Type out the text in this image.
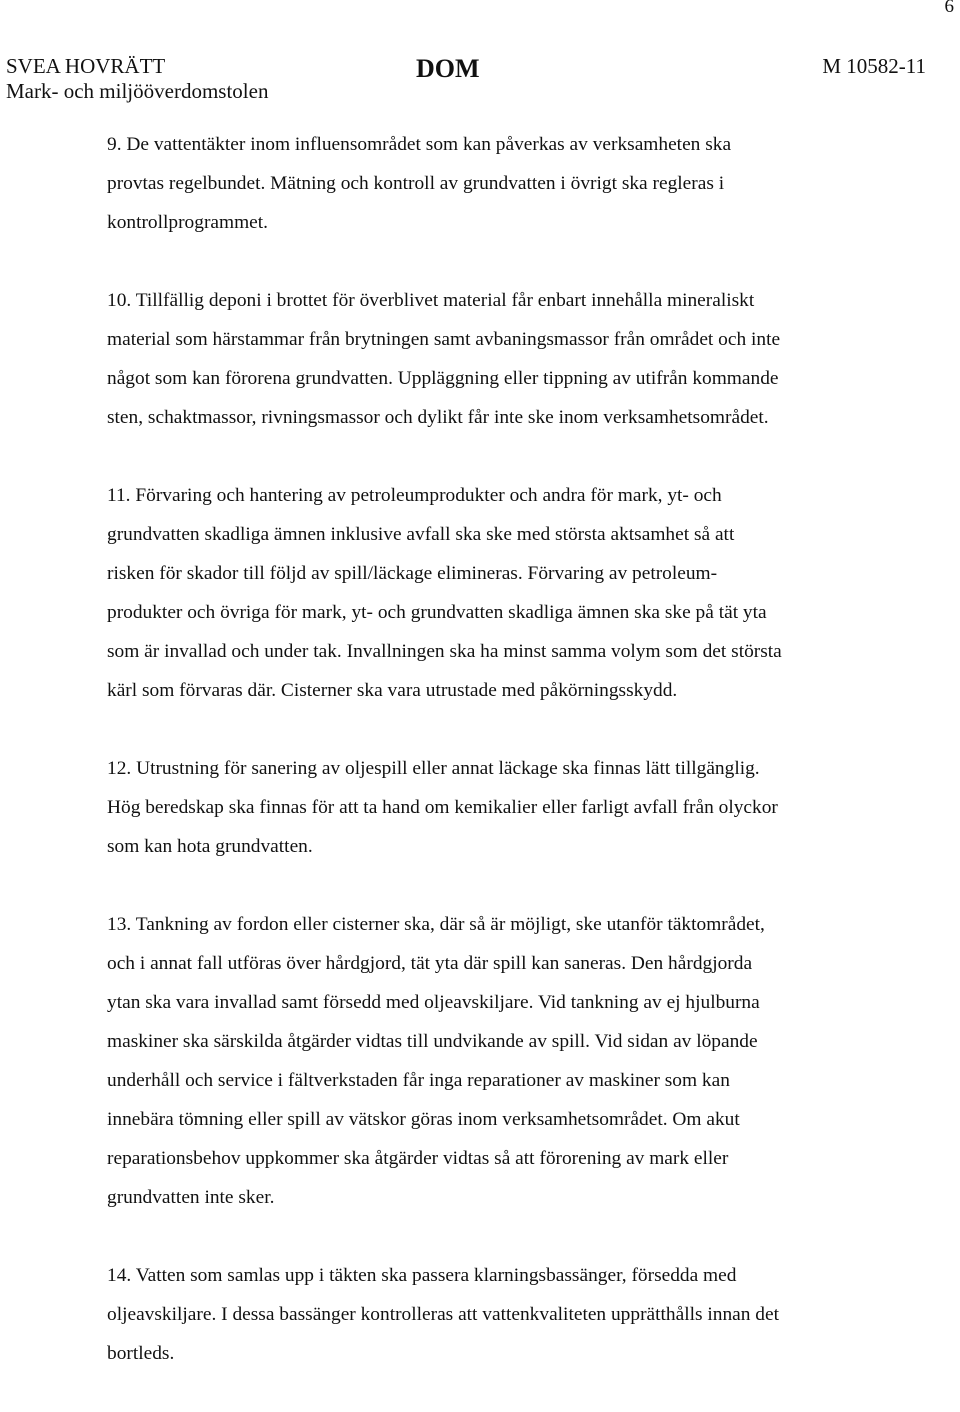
6
SVEA HOVRÄTT
Mark- och miljööverdomstolen
DOM	M 10582-11

9. De vattentäkter inom influensområdet som kan påverkas av verksamheten ska
provtas regelbundet. Mätning och kontroll av grundvatten i övrigt ska regleras i
kontrollprogrammet.

10. Tillfällig deponi i brottet för överblivet material får enbart innehålla mineraliskt
material som härstammar från brytningen samt avbaningsmassor från området och inte
något som kan förorena grundvatten. Uppläggning eller tippning av utifrån kommande
sten, schaktmassor, rivningsmassor och dylikt får inte ske inom verksamhetsområdet.

11. Förvaring och hantering av petroleumprodukter och andra för mark, yt- och
grundvatten skadliga ämnen inklusive avfall ska ske med största aktsamhet så att
risken för skador till följd av spill/läckage elimineras. Förvaring av petroleum-
produkter och övriga för mark, yt- och grundvatten skadliga ämnen ska ske på tät yta
som är invallad och under tak. Invallningen ska ha minst samma volym som det största
kärl som förvaras där. Cisterner ska vara utrustade med påkörningsskydd.

12. Utrustning för sanering av oljespill eller annat läckage ska finnas lätt tillgänglig.
Hög beredskap ska finnas för att ta hand om kemikalier eller farligt avfall från olyckor
som kan hota grundvatten.

13. Tankning av fordon eller cisterner ska, där så är möjligt, ske utanför täktområdet,
och i annat fall utföras över hårdgjord, tät yta där spill kan saneras. Den hårdgjorda
ytan ska vara invallad samt försedd med oljeavskiljare. Vid tankning av ej hjulburna
maskiner ska särskilda åtgärder vidtas till undvikande av spill. Vid sidan av löpande
underhåll och service i fältverkstaden får inga reparationer av maskiner som kan
innebära tömning eller spill av vätskor göras inom verksamhetsområdet. Om akut
reparationsbehov uppkommer ska åtgärder vidtas så att förorening av mark eller
grundvatten inte sker.

14. Vatten som samlas upp i täkten ska passera klarningsbassänger, försedda med
oljeavskiljare. I dessa bassänger kontrolleras att vattenkvaliteten upprätthålls innan det
bortleds.
